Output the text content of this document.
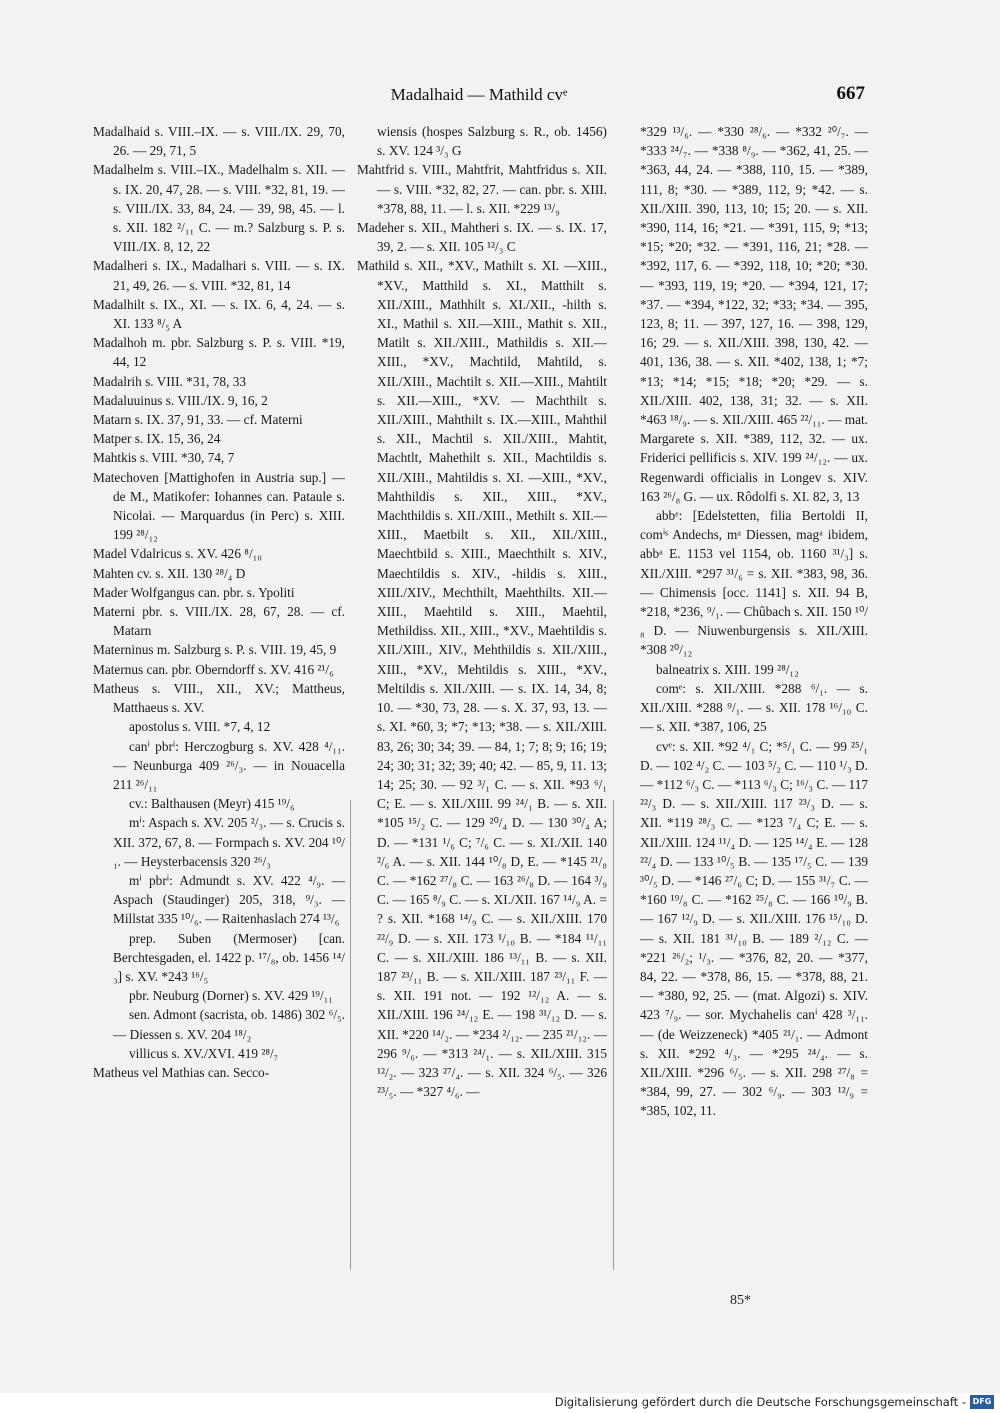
Madalhaid — Mathild cvᵉ	667

Madalhaid s. VIII.–IX. — s. VIII./IX. 29, 70, 26. — 29, 71, 5

Madalhelm s. VIII.–IX., Madelhalm s. XII. — s. IX. 20, 47, 28. — s. VIII. *32, 81, 19. — s. VIII./IX. 33, 84, 24. — 39, 98, 45. — l. s. XII. 182 ²/₁₁ C. — m.? Salzburg s. P. s. VIII./IX. 8, 12, 22

Madalheri s. IX., Madalhari s. VIII. — s. IX. 21, 49, 26. — s. VIII. *32, 81, 14

Madalhilt s. IX., XI. — s. IX. 6, 4, 24. — s. XI. 133 ⁸/₅ A

Madalhoh m. pbr. Salzburg s. P. s. VIII. *19, 44, 12

Madalrih s. VIII. *31, 78, 33

Madaluuinus s. VIII./IX. 9, 16, 2

Matarn s. IX. 37, 91, 33. — cf. Materni

Matper s. IX. 15, 36, 24

Mahtkis s. VIII. *30, 74, 7

Matechoven [Mattighofen in Austria sup.] — de M., Matikofer: Iohannes can. Pataule s. Nicolai. — Marquardus (in Perc) s. XIII. 199 ²⁸/₁₂

Madel Vdalricus s. XV. 426 ⁸/₁₀

Mahten cv. s. XII. 130 ²⁸/₄ D

Mader Wolfgangus can. pbr. s. Ypoliti

Materni pbr. s. VIII./IX. 28, 67, 28. — cf. Matarn

Materninus m. Salzburg s. P. s. VIII. 19, 45, 9

Maternus can. pbr. Oberndorff s. XV. 416 ²¹/₆

Matheus s. VIII., XII., XV.; Mattheus, Matthaeus s. XV.

apostolus s. VIII. *7, 4, 12

canⁱ pbrⁱ: Herczogburg s. XV. 428 ⁴/₁₁. — Neunburga 409 ²⁶/₃. — in Nouacella 211 ²⁶/₁₁

cv.: Balthausen (Meyr) 415 ¹⁹/₆

mⁱ: Aspach s. XV. 205 ²/₃. — s. Crucis s. XII. 372, 67, 8. — Formpach s. XV. 204 ¹⁰/₁. — Heysterbacensis 320 ²⁶/₃

mⁱ pbrⁱ: Admundt s. XV. 422 ⁴/₉. — Aspach (Staudinger) 205, 318, ⁹/₃. — Millstat 335 ¹⁰/₆. — Raitenhaslach 274 ¹³/₆

prep. Suben (Mermoser) [can. Berchtesgaden, el. 1422 p. ¹⁷/₈, ob. 1456 ¹⁴/₃] s. XV. *243 ¹⁶/₅

pbr. Neuburg (Dorner) s. XV. 429 ¹⁹/₁₁

sen. Admont (sacrista, ob. 1486) 302 ⁶/₅. — Diessen s. XV. 204 ¹⁸/₂

villicus s. XV./XVI. 419 ²⁸/₇

Matheus vel Mathias can. Secco-

wiensis (hospes Salzburg s. R., ob. 1456) s. XV. 124 ³/₃ G

Mahtfrid s. VIII., Mahtfrit, Mahtfridus s. XII. — s. VIII. *32, 82, 27. — can. pbr. s. XIII. *378, 88, 11. — l. s. XII. *229 ¹³/₉

Madeher s. XII., Mahtheri s. IX. — s. IX. 17, 39, 2. — s. XII. 105 ¹²/₃ C

Mathild s. XII., *XV., Mathilt s. XI. —XIII., *XV., Matthild s. XI., Matthilt s. XII./XIII., Mathhilt s. XI./XII., -hilth s. XI., Mathil s. XII.—XIII., Mathit s. XII., Matilt s. XII./XIII., Mathildis s. XII.—XIII., *XV., Machtild, Mahtild, s. XII./XIII., Machtilt s. XII.—XIII., Mahtilt s. XII.—XIII., *XV. — Machthilt s. XII./XIII., Mahthilt s. IX.—XIII., Mahthil s. XII., Machtil s. XII./XIII., Mahtit, Machtlt, Mahethilt s. XII., Machtildis s. XII./XIII., Mahtildis s. XI. —XIII., *XV., Mahthildis s. XII., XIII., *XV., Machthildis s. XII./XIII., Methilt s. XII.—XIII., Maetbilt s. XII., XII./XIII., Maechtbild s. XIII., Maechthilt s. XIV., Maechtildis s. XIV., -hildis s. XIII., XIII./XIV., Mechthilt, Maehthilts. XII.—XIII., Maehtild s. XIII., Maehtil, Methildiss. XII., XIII., *XV., Maehtildis s. XII./XIII., XIV., Mehthildis s. XII./XIII., XIII., *XV., Mehtildis s. XIII., *XV., Meltildis s. XII./XIII. — s. IX. 14, 34, 8; 10. — *30, 73, 28. — s. X. 37, 93, 13. — s. XI. *60, 3; *7; *13; *38. — s. XII./XIII. 83, 26; 30; 34; 39. — 84, 1; 7; 8; 9; 16; 19; 24; 30; 31; 32; 39; 40; 42. — 85, 9, 11. 13; 14; 25; 30. — 92 ³/₁ C. — s. XII. *93 ⁶/₁ C; E. — s. XII./XIII. 99 ²⁴/₁ B. — s. XII. *105 ¹⁵/₂ C. — 129 ²⁰/₄ D. — 130 ³⁰/₄ A; D. — *131 ¹/₆ C; ⁷/₆ C. — s. XI./XII. 140 ²/₆ A. — s. XII. 144 ¹⁰/₈ D, E. — *145 ²¹/₈ C. — *162 ²⁷/₈ C. — 163 ²⁶/₈ D. — 164 ³/₉ C. — 165 ⁸/₉ C. — s. XI./XII. 167 ¹⁴/₉ A. = ? s. XII. *168 ¹⁴/₉ C. — s. XII./XIII. 170 ²²/₉ D. — s. XII. 173 ¹/₁₀ B. — *184 ¹¹/₁₁ C. — s. XII./XIII. 186 ¹³/₁₁ B. — s. XII. 187 ²³/₁₁ B. — s. XII./XIII. 187 ²³/₁₁ F. — s. XII. 191 not. — 192 ¹²/₁₂ A. — s. XII./XIII. 196 ²⁴/₁₂ E. — 198 ³¹/₁₂ D. — s. XII. *220 ¹⁴/₂. — *234 ²/₁₂. — 235 ²¹/₁₂. — 296 ⁹/₆. — *313 ²⁴/₁. — s. XII./XIII. 315 ¹²/₂. — 323 ²⁷/₄. — s. XII. 324 ⁶/₅. — 326 ²³/₅. — *327 ⁴/₆. —

*329 ¹³/₆. — *330 ²⁸/₆. — *332 ²⁰/₇. — *333 ²⁴/₇. — *338 ⁸/₉. — *362, 41, 25. — *363, 44, 24. — *388, 110, 15. — *389, 111, 8; *30. — *389, 112, 9; *42. — s. XII./XIII. 390, 113, 10; 15; 20. — s. XII. *390, 114, 16; *21. — *391, 115, 9; *13; *15; *20; *32. — *391, 116, 21; *28. — *392, 117, 6. — *392, 118, 10; *20; *30. — *393, 119, 19; *20. — *394, 121, 17; *37. — *394, *122, 32; *33; *34. — 395, 123, 8; 11. — 397, 127, 16. — 398, 129, 16; 29. — s. XII./XIII. 398, 130, 42. — 401, 136, 38. — s. XII. *402, 138, 1; *7; *13; *14; *15; *18; *20; *29. — s. XII./XIII. 402, 138, 31; 32. — s. XII. *463 ¹⁸/₉. — s. XII./XIII. 465 ²²/₁₁. — mat. Margarete s. XII. *389, 112, 32. — ux. Friderici pellificis s. XIV. 199 ²⁴/₁₂. — ux. Regenwardi officialis in Longev s. XIV. 163 ²⁶/₈ G. — ux. Rôdolfi s. XI. 82, 3, 13

abbᵉ: [Edelstetten, filia Bertoldi II, comⁱˢ Andechs, mᵃ Diessen, magᵃ ibidem, abbᵃ E. 1153 vel 1154, ob. 1160 ³¹/₃] s. XII./XIII. *297 ³¹/₆ = s. XII. *383, 98, 36. — Chimensis [occ. 1141] s. XII. 94 B, *218, *236, ⁹/₁. — Chûbach s. XII. 150 ¹⁰/₈ D. — Niuwenburgensis s. XII./XIII. *308 ²⁰/₁₂

balneatrix s. XIII. 199 ²⁸/₁₂

comᵉ: s. XII./XIII. *288 ⁶/₁. — s. XII./XIII. *288 ⁹/₁. — s. XII. 178 ¹⁶/₁₀ C. — s. XII. *387, 106, 25

cvᵉ: s. XII. *92 ⁴/₁ C; *⁵/₁ C. — 99 ²⁵/₁ D. — 102 ⁴/₂ C. — 103 ⁵/₂ C. — 110 ¹/₃ D. — *112 ⁶/₃ C. — *113 ⁶/₃ C; ¹⁶/₃ C. — 117 ²²/₃ D. — s. XII./XIII. 117 ²³/₃ D. — s. XII. *119 ²⁸/₃ C. — *123 ⁷/₄ C; E. — s. XII./XIII. 124 ¹¹/₄ D. — 125 ¹⁴/₄ E. — 128 ²²/₄ D. — 133 ¹⁰/₅ B. — 135 ¹⁷/₅ C. — 139 ³⁰/₅ D. — *146 ²⁷/₆ C; D. — 155 ³¹/₇ C. — *160 ¹⁹/₈ C. — *162 ²⁵/₈ C. — 166 ¹⁰/₉ B. — 167 ¹²/₉ D. — s. XII./XIII. 176 ¹⁵/₁₀ D. — s. XII. 181 ³¹/₁₀ B. — 189 ²/₁₂ C. — *221 ²⁶/₂; ¹/₃. — *376, 82, 20. — *377, 84, 22. — *378, 86, 15. — *378, 88, 21. — *380, 92, 25. — (mat. Algozi) s. XIV. 423 ⁷/₉. — sor. Mychahelis canⁱ 428 ³/₁₁. — (de Weizzeneck) *405 ²¹/₁. — Admont s. XII. *292 ⁴/₃. — *295 ²⁴/₄. — s. XII./XIII. *296 ⁶/₅. — s. XII. 298 ²⁷/₈ = *384, 99, 27. — 302 ⁶/₉. — 303 ¹²/₉ = *385, 102, 11.

85*
Digitalisierung gefördert durch die Deutsche Forschungsgemeinschaft - DFG
